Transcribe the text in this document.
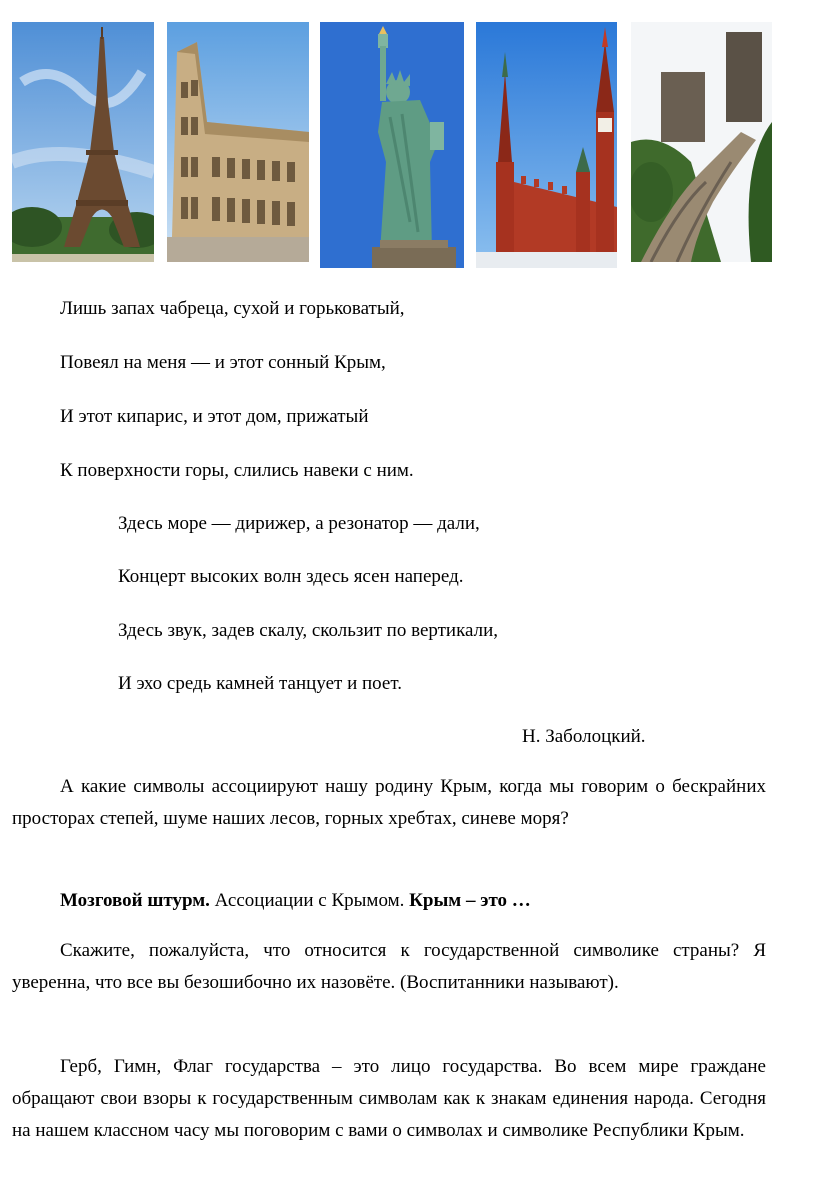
Лишь запах чабреца, сухой и горьковатый,
Повеял на меня — и этот сонный Крым,
И этот кипарис, и этот дом, прижатый
К поверхности горы, слились навеки с ним.
Здесь море — дирижер, а резонатор — дали,
Концерт высоких волн здесь ясен наперед.
Здесь звук, задев скалу, скользит по вертикали,
И эхо средь камней танцует и поет.
Н. Заболоцкий.
А какие символы ассоциируют нашу родину Крым, когда мы говорим о бескрайних просторах степей, шуме наших лесов, горных хребтах, синеве моря?
Мозговой штурм. Ассоциации с Крымом. Крым – это …
Скажите, пожалуйста, что относится к государственной символике страны? Я уверенна, что все вы безошибочно их назовёте. (Воспитанники называют).
Герб, Гимн, Флаг государства – это лицо государства. Во всем мире граждане обращают свои взоры к государственным символам как к знакам единения народа. Сегодня на нашем классном часу мы поговорим с вами о символах и символике Республики Крым.
